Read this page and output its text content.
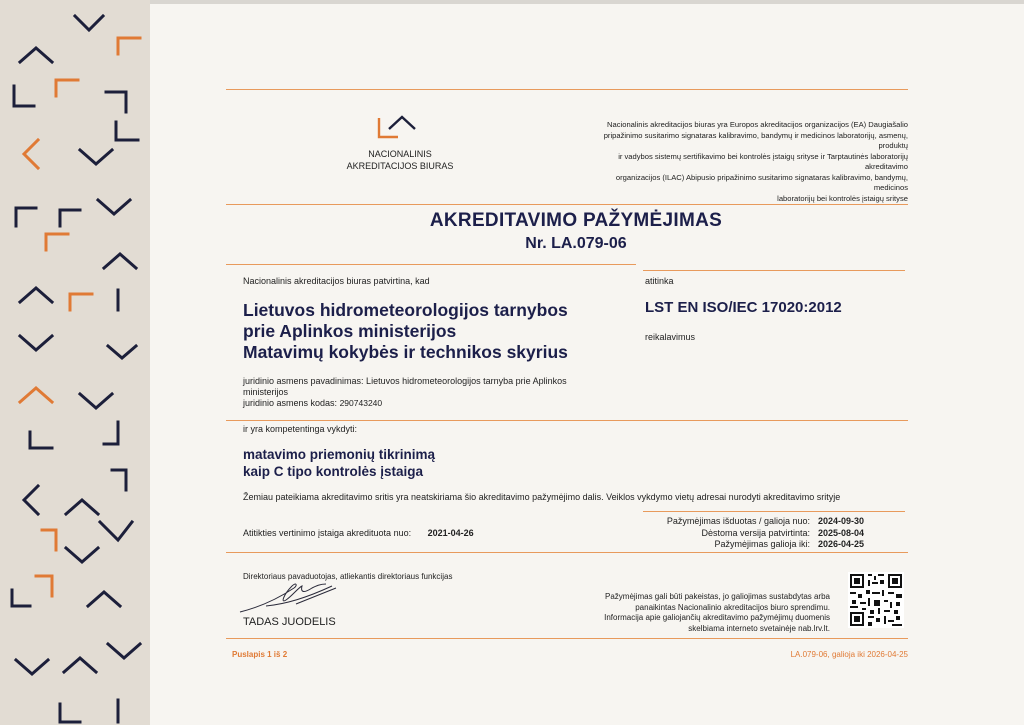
NACIONALINIS
AKREDITACIJOS BIURAS
Nacionalinis akreditacijos biuras yra Europos akreditacijos organizacijos (EA) Daugiašalio
pripažinimo susitarimo signataras kalibravimo, bandymų ir medicinos laboratorijų, asmenų, produktų
ir vadybos sistemų sertifikavimo bei kontrolės įstaigų srityse ir Tarptautinės laboratorijų akreditavimo
organizacijos (ILAC) Abipusio pripažinimo susitarimo signataras kalibravimo, bandymų, medicinos
laboratorijų bei kontrolės įstaigų srityse
AKREDITAVIMO PAŽYMĖJIMAS
Nr. LA.079-06
Nacionalinis akreditacijos biuras patvirtina, kad
Lietuvos hidrometeorologijos tarnybos
prie Aplinkos ministerijos
Matavimų kokybės ir technikos skyrius
juridinio asmens pavadinimas: Lietuvos hidrometeorologijos tarnyba prie Aplinkos
ministerijos
juridinio asmens kodas: 290743240
atitinka
LST EN ISO/IEC 17020:2012
reikalavimus
ir yra kompetentinga vykdyti:
matavimo priemonių tikrinimą
kaip C tipo kontrolės įstaiga
Žemiau pateikiama akreditavimo sritis yra neatskiriama šio akreditavimo pažymėjimo dalis. Veiklos vykdymo vietų adresai nurodyti akreditavimo srityje
Atitikties vertinimo įstaiga akredituota nuo: 2021-04-26
Pažymėjimas išduotas / galioja nuo:
Dėstoma versija patvirtinta:
Pažymėjimas galioja iki:
2024-09-30
2025-08-04
2026-04-25
Direktoriaus pavaduotojas, atliekantis direktoriaus funkcijas
TADAS JUODELIS
Pažymėjimas gali būti pakeistas, jo galiojimas sustabdytas arba
panaikintas Nacionalinio akreditacijos biuro sprendimu.
Informacija apie galiojančių akreditavimo pažymėjimų duomenis
skelbiama interneto svetainėje nab.lrv.lt.
Puslapis 1 iš 2	LA.079-06, galioja iki 2026-04-25
